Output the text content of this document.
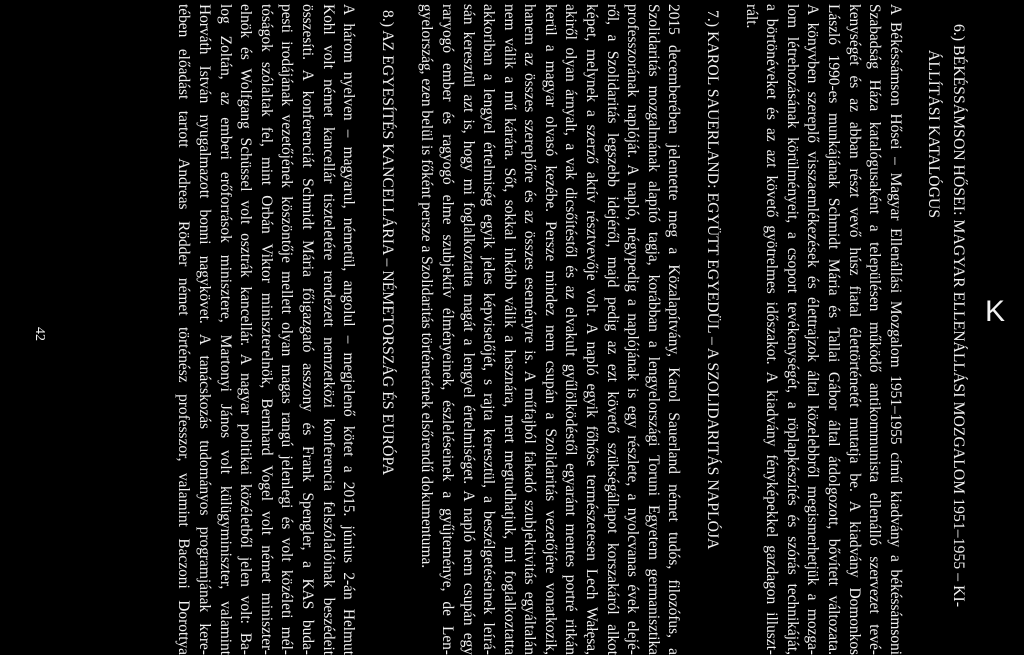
K
6.) BÉKÉSSÁMSON HŐSEI: MAGYAR ELLENÁLLÁSI MOZGALOM 1951–1955 – KI-
ÁLLÍTÁSI KATALÓGUS
A Békéssámson Hősei – Magyar Ellenállási Mozgalom 1951–1955 című kiadvány a békéssámsoni
Szabadság Háza katalógusaként a településen működő antikommunista ellenálló szervezet tevé-
kenységét és az abban részt vevő húsz fiatal élettörténetét mutatja be. A kiadvány Domonkos
László 1990-es munkájának Schmidt Mária és Tallai Gábor által átdolgozott, bővített változata.
A könyvben szereplő visszaemlékezések és élettrajzok által közelebbről megismerhetjük a mozga-
lom létrehozásának körülményeit, a csoport tevékenységét, a röplapkészítés és szórás technikáját,
a börtönéveket és az azt követő gyötrelmes időszakot. A kiadvány fényképekkel gazdagon illuszt-
rált.
7.) KAROL SAUERLAND: EGYÜTT EGYEDÜL – A SZOLIDARITÁS NAPLÓJA
2015 decemberében jelentette meg a Közalapítvány, Karol Sauerland német tudós, filozófus, a
Szolidaritás mozgalmának alapító tagja, korábban a lengyelországi Toruni Egyetem germanisztika
professzorának naplóját. A napló, négypedig a naplójának is egy részlete, a nyolcvanas évek elejé-
ről, a Szolidaritás legszebb idejéről, majd pedig az ezt követő szükségállapot korszakáról alkot
képet, melynek a szerző aktív résztvevője volt. A napló egyik főhőse természetesen Lech Wałęsa,
akiről olyan árnyalt, a vak dicsőítéstől és az elvakult gyűlölködéstől egyaránt mentes portré ritkán
kerül a magyar olvasó kezébe. Persze mindez nem csupán a Szolidaritás vezetőjére vonatkozik,
hanem az összes szereplőre és az összes eseményre is. A műfajból fakadó szubjektivitás egyáltalán
nem válik a mű kárára. Sőt, sokkal inkább válik a hasznára, mert megtudhatjuk, mi foglalkoztatta
akkoriban a lengyel értelmiség egyik jeles képviselőjét, s rajta keresztül, a beszélgetéseinek leírá-
sán keresztül azt is, hogy mi foglalkoztatta magát a lengyel értelmiséget. A napló nem csupán egy
rагyogó ember és ragyogó elme szubjektív élményeinek, észleléseinek a gyűjteménye, de Len-
gyelország, ezen belül is főként persze a Szolidaritás történetének elsőrendű dokumentuma.
8.) AZ EGYESÍTÉS KANCELLÁRIA – NÉMETORSZÁG ÉS EURÓPA
A három nyelven – magyarul, németül, angolul – megjelenő kötet a 2015. június 2-án Helmut
Kohl volt német kancellár tiszteletére rendezett nemzetközi konferencia felszólalóinak beszédeit
összesíti. A konferenciát Schmidt Mária főigazgató asszony és Frank Spengler, a KAS buda-
pesti irodájának vezetőjének köszöntője mellett olyan magas rangú jelenlegi és volt közéleti mél-
tóságok szólaltak fel, mint Orbán Viktor miniszterelnök, Bernhard Vogel volt német miniszter-
elnök és Wolfgang Schüssel volt osztrák kancellár. A nagyar politikai közéletből jelen volt: Ba-
log Zoltán, az emberi erőforrások minisztere, Martonyi János volt külügyminiszter, valamint
Horváth István nyugalmazott bonni nagykövet. A tanácskozás tudományos programjának kere-
tében előadást tartott Andreas Rödder német történész professzor, valamint Baczoni Dorottya
42
